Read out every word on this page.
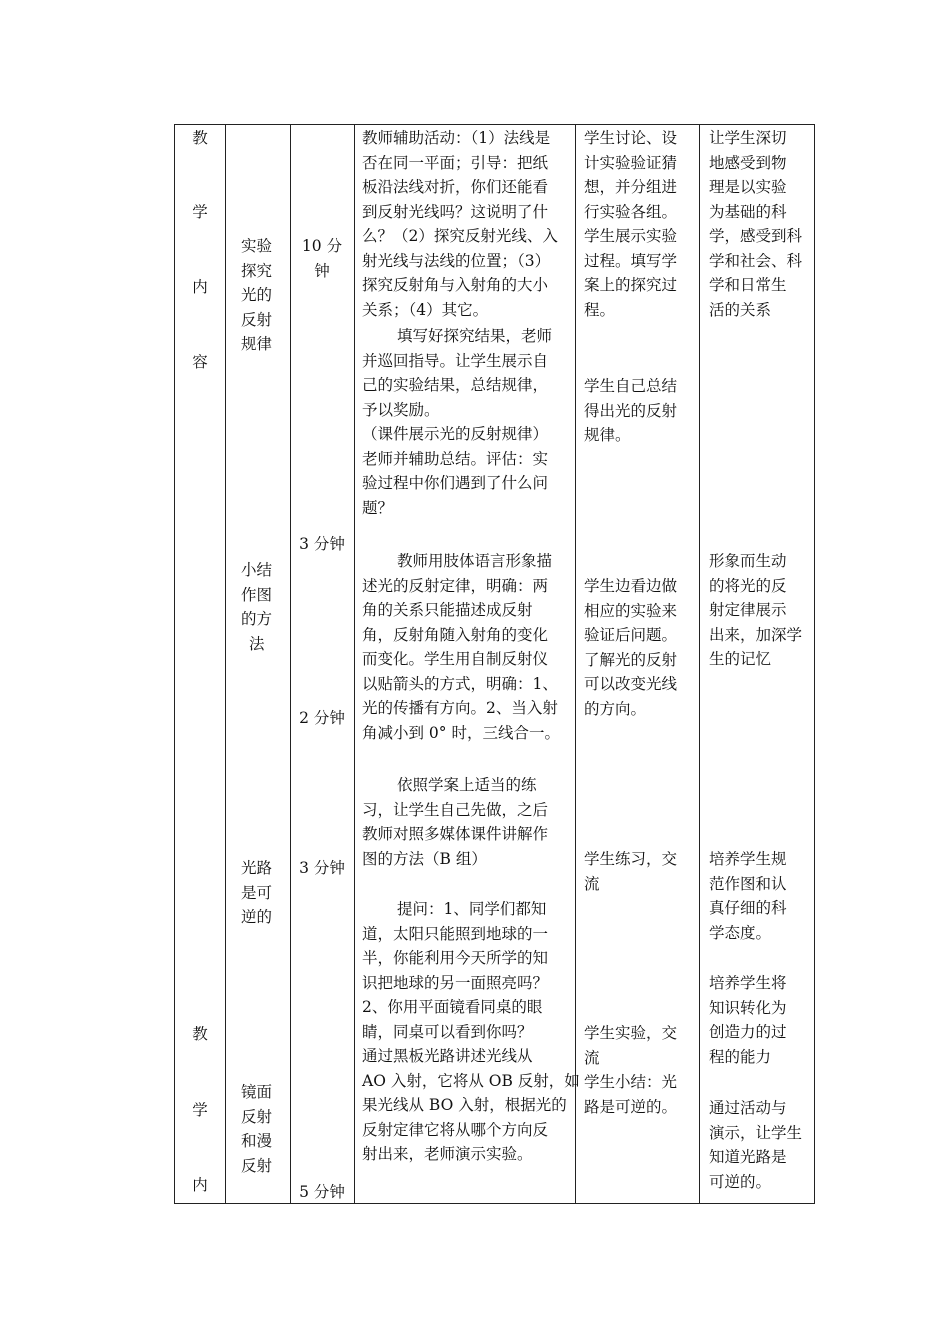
教
学
内
容
教
学
内
实验
探究
光的
反射
规律
小结
作图
的方
法
光路
是可
逆的
镜面
反射
和漫
反射
10 分
钟
3 分钟
2 分钟
3 分钟
5 分钟
教师辅助活动：（1）法线是
否在同一平面；引导：把纸
板沿法线对折，你们还能看
到反射光线吗？这说明了什
么？（2）探究反射光线、入
射光线与法线的位置；（3）
探究反射角与入射角的大小
关系；（4）其它。
填写好探究结果，老师
并巡回指导。让学生展示自
己的实验结果，总结规律，
予以奖励。
（课件展示光的反射规律）
老师并辅助总结。评估：实
验过程中你们遇到了什么问
题？
教师用肢体语言形象描
述光的反射定律，明确：两
角的关系只能描述成反射
角，反射角随入射角的变化
而变化。学生用自制反射仪
以贴箭头的方式，明确：1、
光的传播有方向。2、当入射
角减小到 0° 时，三线合一。
依照学案上适当的练
习，让学生自己先做，之后
教师对照多媒体课件讲解作
图的方法（B 组）
提问：1、同学们都知
道，太阳只能照到地球的一
半，你能利用今天所学的知
识把地球的另一面照亮吗？
2、你用平面镜看同桌的眼
睛，同桌可以看到你吗？
通过黑板光路讲述光线从
AO 入射，它将从 OB 反射，如
果光线从 BO 入射，根据光的
反射定律它将从哪个方向反
射出来，老师演示实验。
学生讨论、设
计实验验证猜
想，并分组进
行实验各组。
学生展示实验
过程。填写学
案上的探究过
程。
学生自己总结
得出光的反射
规律。
学生边看边做
相应的实验来
验证后问题。
了解光的反射
可以改变光线
的方向。
学生练习，交
流
学生实验，交
流
学生小结：光
路是可逆的。
让学生深切
地感受到物
理是以实验
为基础的科
学，感受到科
学和社会、科
学和日常生
活的关系
形象而生动
的将光的反
射定律展示
出来，加深学
生的记忆
培养学生规
范作图和认
真仔细的科
学态度。
培养学生将
知识转化为
创造力的过
程的能力
通过活动与
演示，让学生
知道光路是
可逆的。
